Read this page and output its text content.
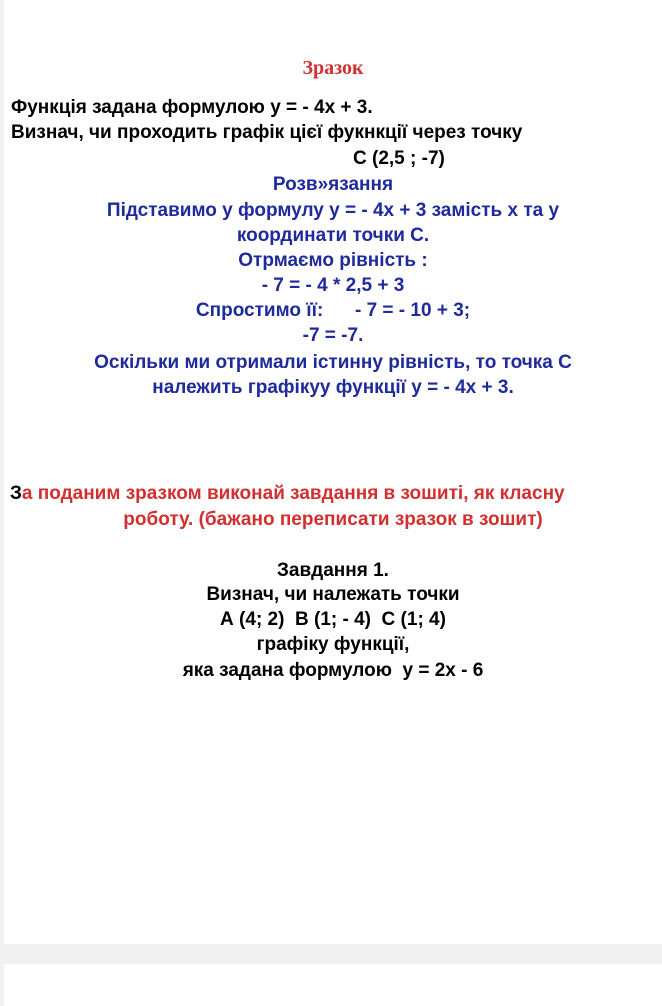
Зразок

Функція задана формулою у = - 4х + 3.

Визнач, чи проходить графік цієї фукнкції через точку

С (2,5 ; -7)

Розв»язання

Підставимо у формулу у = - 4х + 3 замість х та у

координати точки С.

Отрмаємо рівність :

- 7 = - 4 * 2,5 + 3

Спростимо її:      - 7 = - 10 + 3;

-7 = -7.

Оскільки ми отримали істинну рівність, то точка С

належить графікуу функції у = - 4х + 3.

За поданим зразком виконай завдання в зошиті, як класну

роботу. (бажано переписати зразок в зошит)

Завдання 1.

Визнач, чи належать точки

А (4; 2)  В (1; - 4)  С (1; 4)

графіку функції,

яка задана формулою  у = 2х - 6
